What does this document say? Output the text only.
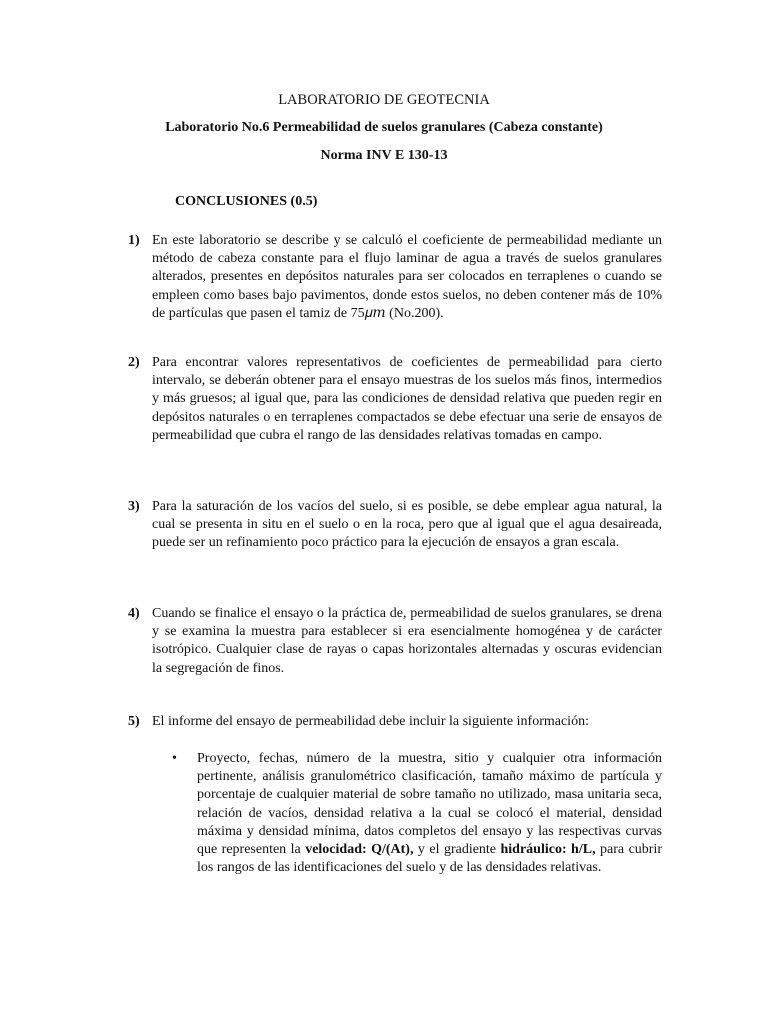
LABORATORIO DE GEOTECNIA
Laboratorio No.6 Permeabilidad de suelos granulares (Cabeza constante)
Norma INV E 130-13
CONCLUSIONES (0.5)
1) En este laboratorio se describe y se calculó el coeficiente de permeabilidad mediante un método de cabeza constante para el flujo laminar de agua a través de suelos granulares alterados, presentes en depósitos naturales para ser colocados en terraplenes o cuando se empleen como bases bajo pavimentos, donde estos suelos, no deben contener más de 10% de partículas que pasen el tamiz de 75𝜇𝑚 (No.200).
2) Para encontrar valores representativos de coeficientes de permeabilidad para cierto intervalo, se deberán obtener para el ensayo muestras de los suelos más finos, intermedios y más gruesos; al igual que, para las condiciones de densidad relativa que pueden regir en depósitos naturales o en terraplenes compactados se debe efectuar una serie de ensayos de permeabilidad que cubra el rango de las densidades relativas tomadas en campo.
3) Para la saturación de los vacíos del suelo, si es posible, se debe emplear agua natural, la cual se presenta in situ en el suelo o en la roca, pero que al igual que el agua desaireada, puede ser un refinamiento poco práctico para la ejecución de ensayos a gran escala.
4) Cuando se finalice el ensayo o la práctica de, permeabilidad de suelos granulares, se drena y se examina la muestra para establecer si era esencialmente homogénea y de carácter isotrópico. Cualquier clase de rayas o capas horizontales alternadas y oscuras evidencian la segregación de finos.
5) El informe del ensayo de permeabilidad debe incluir la siguiente información:
•	Proyecto, fechas, número de la muestra, sitio y cualquier otra información pertinente, análisis granulométrico clasificación, tamaño máximo de partícula y porcentaje de cualquier material de sobre tamaño no utilizado, masa unitaria seca, relación de vacíos, densidad relativa a la cual se colocó el material, densidad máxima y densidad mínima, datos completos del ensayo y las respectivas curvas que representen la velocidad: Q/(At), y el gradiente hidráulico: h/L, para cubrir los rangos de las identificaciones del suelo y de las densidades relativas.
